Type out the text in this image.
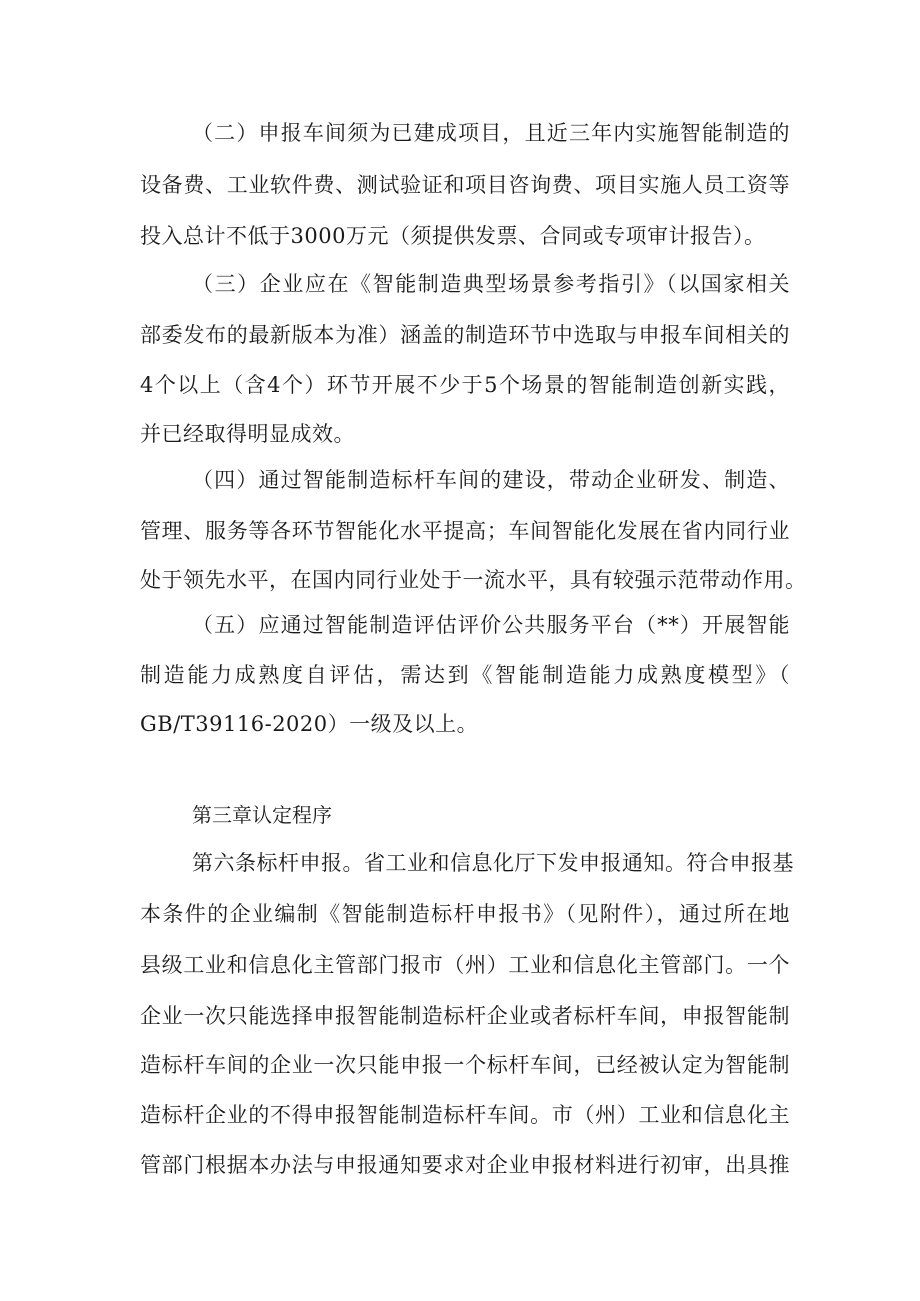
（二）申报车间须为已建成项目，且近三年内实施智能制造的
设备费、工业软件费、测试验证和项目咨询费、项目实施人员工资等
投入总计不低于3000万元（须提供发票、合同或专项审计报告）。
（三）企业应在《智能制造典型场景参考指引》（以国家相关
部委发布的最新版本为准）涵盖的制造环节中选取与申报车间相关的
4个以上（含4个）环节开展不少于5个场景的智能制造创新实践，
并已经取得明显成效。
（四）通过智能制造标杆车间的建设，带动企业研发、制造、
管理、服务等各环节智能化水平提高；车间智能化发展在省内同行业
处于领先水平，在国内同行业处于一流水平，具有较强示范带动作用。
（五）应通过智能制造评估评价公共服务平台（**）开展智能
制造能力成熟度自评估，需达到《智能制造能力成熟度模型》（
GB/T39116-2020）一级及以上。
第三章认定程序
第六条标杆申报。省工业和信息化厅下发申报通知。符合申报基
本条件的企业编制《智能制造标杆申报书》（见附件），通过所在地
县级工业和信息化主管部门报市（州）工业和信息化主管部门。一个
企业一次只能选择申报智能制造标杆企业或者标杆车间，申报智能制
造标杆车间的企业一次只能申报一个标杆车间，已经被认定为智能制
造标杆企业的不得申报智能制造标杆车间。市（州）工业和信息化主
管部门根据本办法与申报通知要求对企业申报材料进行初审，出具推
